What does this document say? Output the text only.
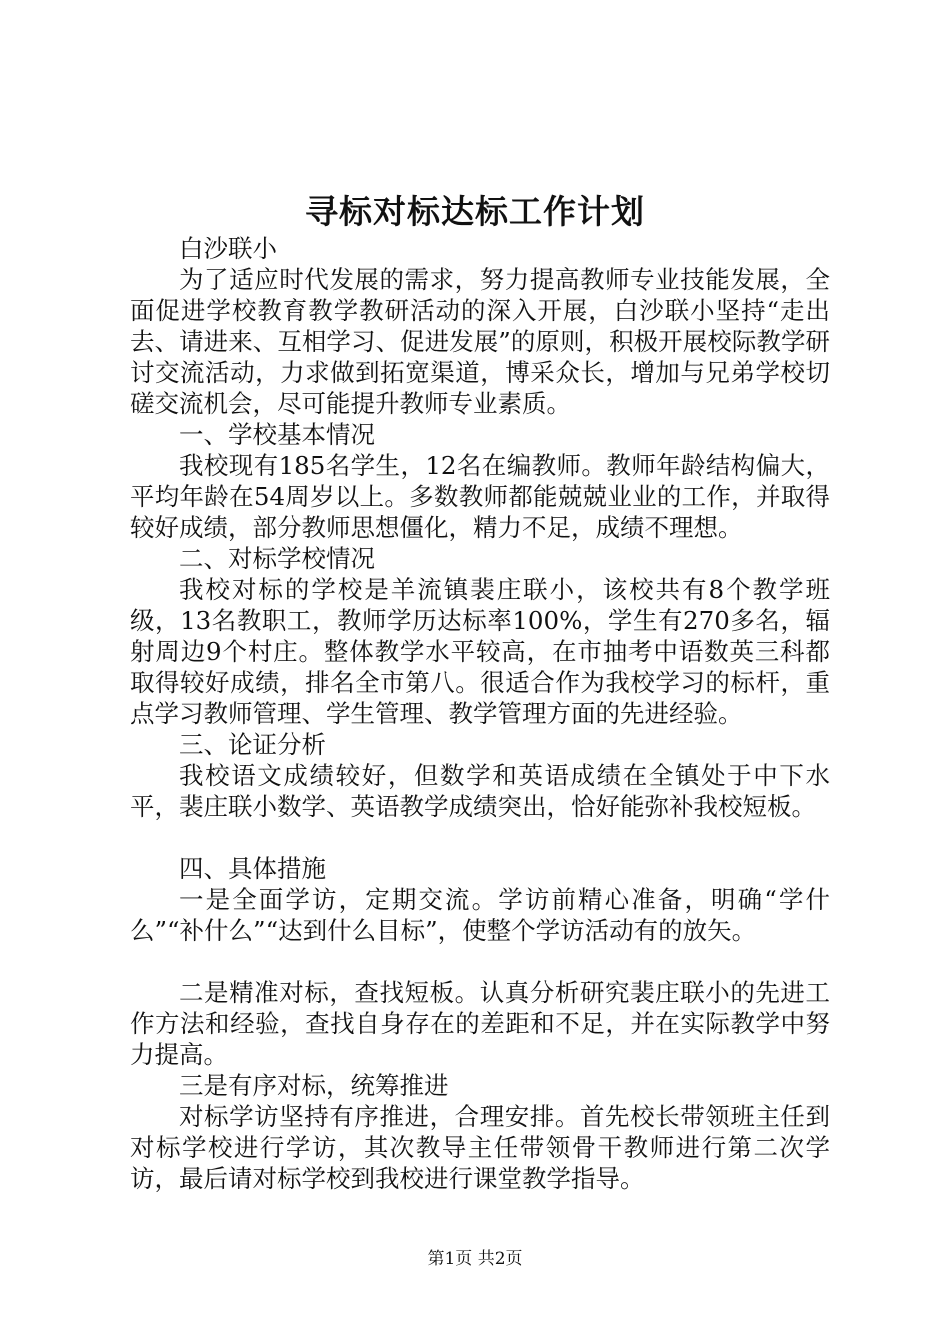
寻标对标达标工作计划

白沙联小

为了适应时代发展的需求，努力提高教师专业技能发展，全面促进学校教育教学教研活动的深入开展，白沙联小坚持“走出去、请进来、互相学习、促进发展”的原则，积极开展校际教学研讨交流活动，力求做到拓宽渠道，博采众长，增加与兄弟学校切磋交流机会，尽可能提升教师专业素质。

一、学校基本情况

我校现有185名学生，12名在编教师。教师年龄结构偏大，平均年龄在54周岁以上。多数教师都能兢兢业业的工作，并取得较好成绩，部分教师思想僵化，精力不足，成绩不理想。

二、对标学校情况

我校对标的学校是羊流镇裴庄联小，该校共有8个教学班级，13名教职工，教师学历达标率100%，学生有270多名，辐射周边9个村庄。整体教学水平较高，在市抽考中语数英三科都取得较好成绩，排名全市第八。很适合作为我校学习的标杆，重点学习教师管理、学生管理、教学管理方面的先进经验。

三、论证分析

我校语文成绩较好，但数学和英语成绩在全镇处于中下水平，裴庄联小数学、英语教学成绩突出，恰好能弥补我校短板。

四、具体措施

一是全面学访，定期交流。学访前精心准备，明确“学什么”“补什么”“达到什么目标”，使整个学访活动有的放矢。

二是精准对标，查找短板。认真分析研究裴庄联小的先进工作方法和经验，查找自身存在的差距和不足，并在实际教学中努力提高。

三是有序对标，统筹推进

对标学访坚持有序推进，合理安排。首先校长带领班主任到对标学校进行学访，其次教导主任带领骨干教师进行第二次学访，最后请对标学校到我校进行课堂教学指导。

第1页 共2页
